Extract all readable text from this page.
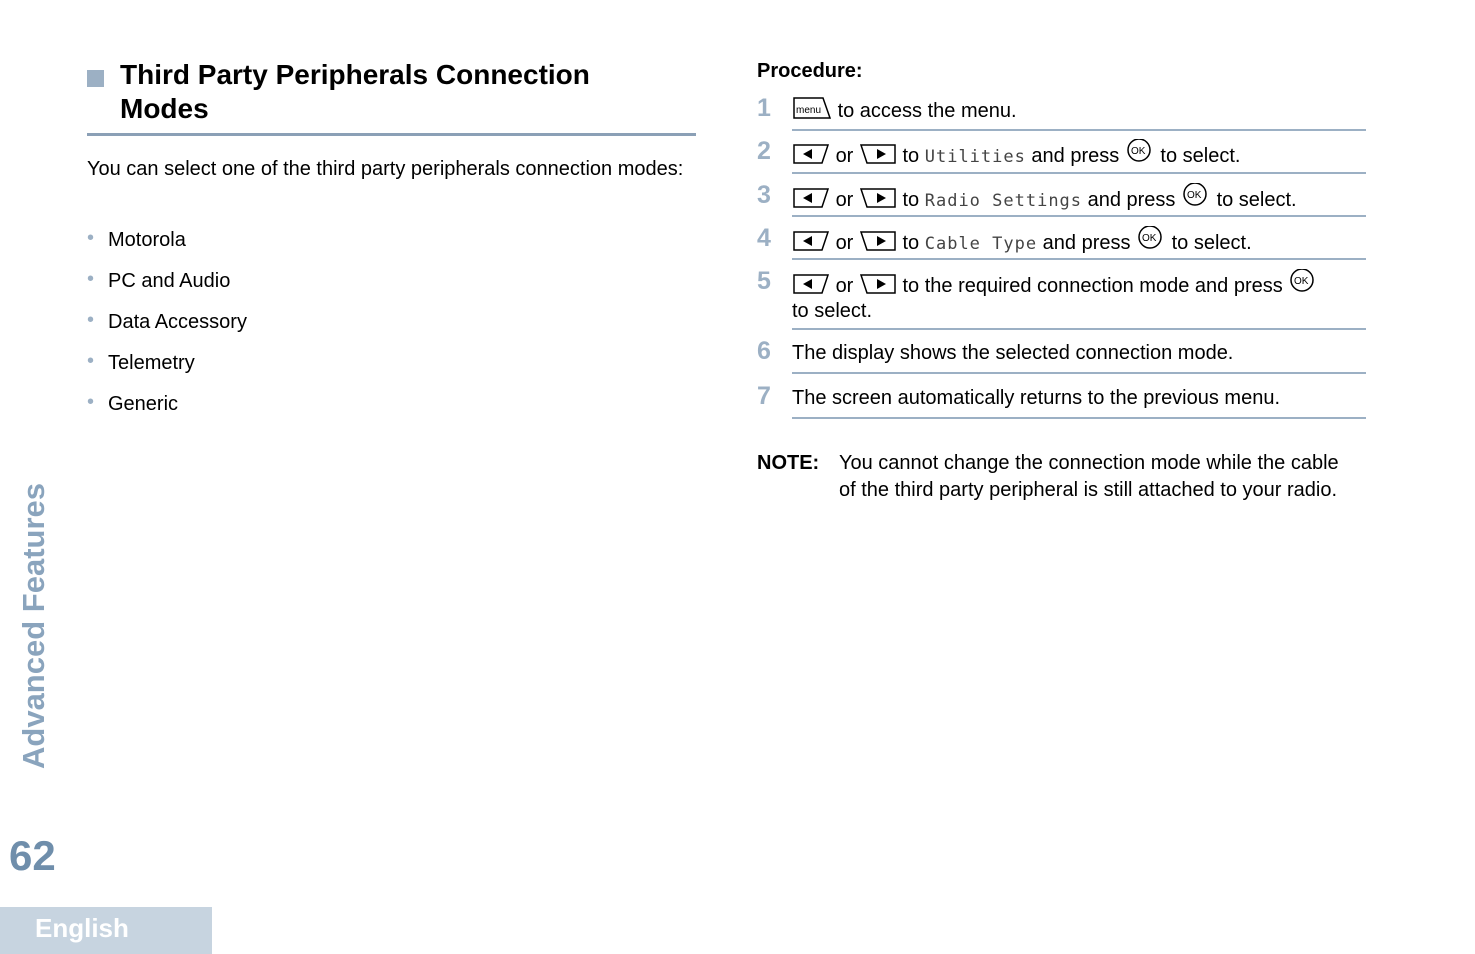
Advanced Features
62
English
Third Party Peripherals Connection Modes
You can select one of the third party peripherals connection modes:
• Motorola
• PC and Audio
• Data Accessory
• Telemetry
• Generic
Procedure:
1	menu to access the menu.
2	or to Utilities and press OK to select.
3	or to Radio Settings and press OK to select.
4	or to Cable Type and press OK to select.
5	or to the required connection mode and press OK
to select.
6 The display shows the selected connection mode.
7 The screen automatically returns to the previous menu.
NOTE: You cannot change the connection mode while the cable of the third party peripheral is still attached to your radio.
